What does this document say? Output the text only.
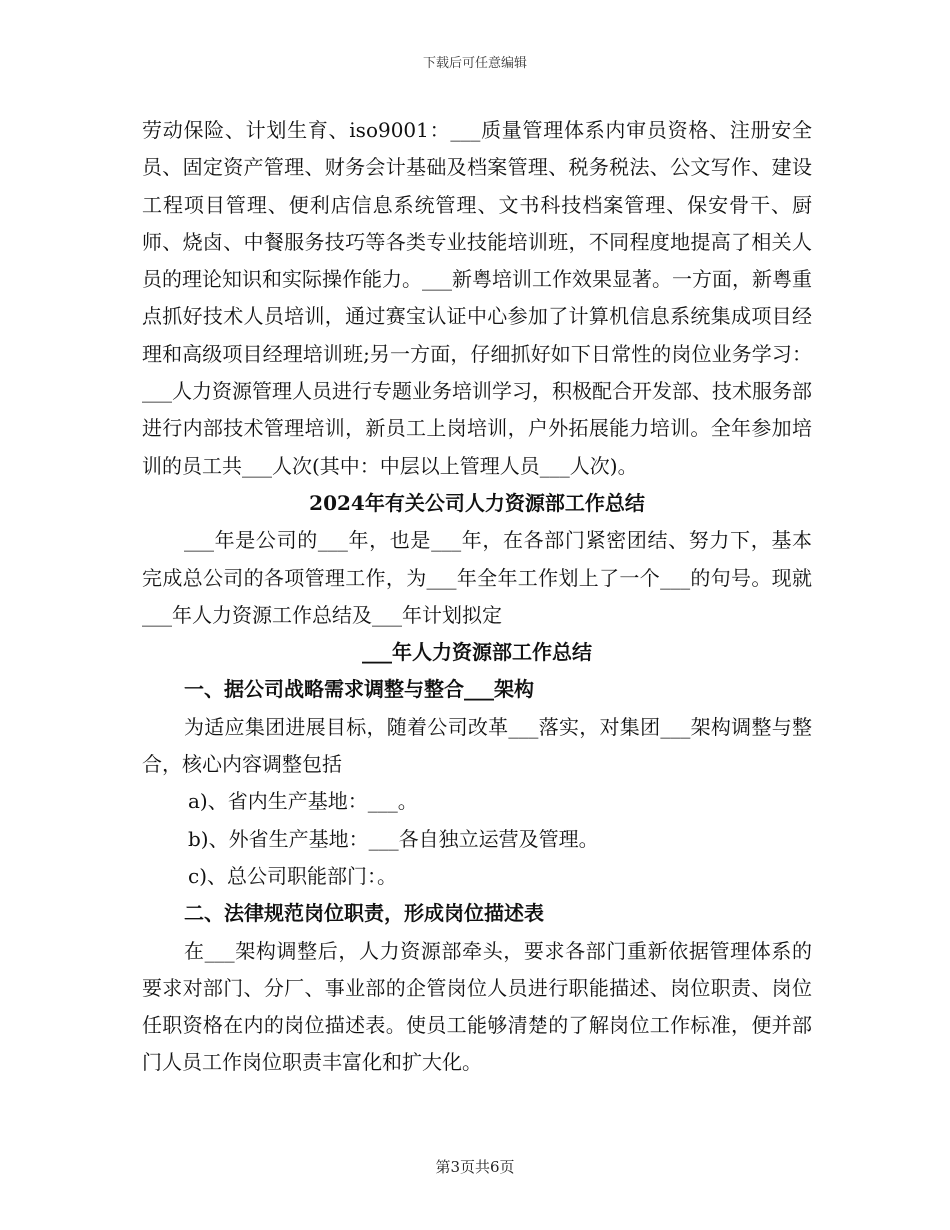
下载后可任意编辑

劳动保险、计划生育、iso9001：___质量管理体系内审员资格、注册安全员、固定资产管理、财务会计基础及档案管理、税务税法、公文写作、建设工程项目管理、便利店信息系统管理、文书科技档案管理、保安骨干、厨师、烧卤、中餐服务技巧等各类专业技能培训班，不同程度地提高了相关人员的理论知识和实际操作能力。___新粤培训工作效果显著。一方面，新粤重点抓好技术人员培训，通过赛宝认证中心参加了计算机信息系统集成项目经理和高级项目经理培训班;另一方面，仔细抓好如下日常性的岗位业务学习：___人力资源管理人员进行专题业务培训学习，积极配合开发部、技术服务部进行内部技术管理培训，新员工上岗培训，户外拓展能力培训。全年参加培训的员工共___人次(其中：中层以上管理人员___人次)。

2024年有关公司人力资源部工作总结

___年是公司的___年，也是___年，在各部门紧密团结、努力下，基本完成总公司的各项管理工作，为___年全年工作划上了一个___的句号。现就___年人力资源工作总结及___年计划拟定

___年人力资源部工作总结

一、据公司战略需求调整与整合___架构

为适应集团进展目标，随着公司改革___落实，对集团___架构调整与整合，核心内容调整包括

a)、省内生产基地：___。

b)、外省生产基地：___各自独立运营及管理。

c)、总公司职能部门：。

二、法律规范岗位职责，形成岗位描述表

在___架构调整后，人力资源部牵头，要求各部门重新依据管理体系的要求对部门、分厂、事业部的企管岗位人员进行职能描述、岗位职责、岗位任职资格在内的岗位描述表。使员工能够清楚的了解岗位工作标准，便并部门人员工作岗位职责丰富化和扩大化。

第3页共6页
